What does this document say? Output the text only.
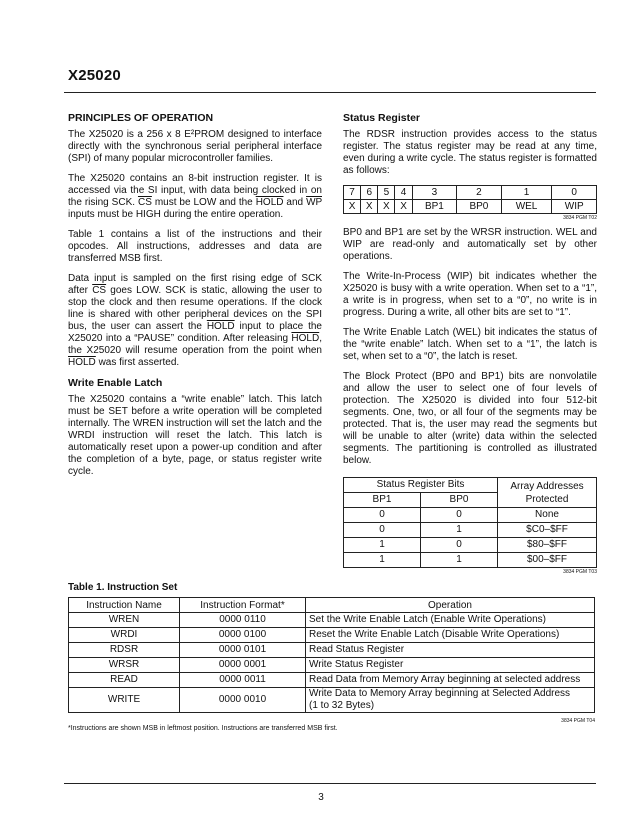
X25020
PRINCIPLES OF OPERATION

The X25020 is a 256 x 8 E²PROM designed to interface directly with the synchronous serial peripheral interface (SPI) of many popular microcontroller families.

The X25020 contains an 8-bit instruction register. It is accessed via the SI input, with data being clocked in on the rising SCK. $\overline{CS}$ must be LOW and the HOLD and $\overline{WP}$ inputs must be HIGH during the entire operation.

Table 1 contains a list of the instructions and their opcodes. All instructions, addresses and data are transferred MSB first.

Data input is sampled on the first rising edge of SCK after $\overline{CS}$ goes LOW. SCK is static, allowing the user to stop the clock and then resume operations. If the clock line is shared with other peripheral devices on the SPI bus, the user can assert the HOLD input to place the X25020 into a “PAUSE” condition. After releasing HOLD, the X25020 will resume operation from the point when HOLD was first asserted.

Write Enable Latch

The X25020 contains a “write enable” latch. This latch must be SET before a write operation will be completed internally. The WREN instruction will set the latch and the WRDI instruction will reset the latch. This latch is automatically reset upon a power-up condition and after the completion of a byte, page, or status register write cycle.

Status Register

The RDSR instruction provides access to the status register. The status register may be read at any time, even during a write cycle. The status register is formatted as follows:

7	6	5	4	3	2	1	0
X	X	X	X	BP1	BP0	WEL	WIP
3834 PGM T02

BP0 and BP1 are set by the WRSR instruction. WEL and WIP are read-only and automatically set by other operations.

The Write-In-Process (WIP) bit indicates whether the X25020 is busy with a write operation. When set to a “1”, a write is in progress, when set to a “0”, no write is in progress. During a write, all other bits are set to “1”.

The Write Enable Latch (WEL) bit indicates the status of the “write enable” latch. When set to a “1”, the latch is set, when set to a “0”, the latch is reset.

The Block Protect (BP0 and BP1) bits are nonvolatile and allow the user to select one of four levels of protection. The X25020 is divided into four 512-bit segments. One, two, or all four of the segments may be protected. That is, the user may read the segments but will be unable to alter (write) data within the selected segments. The partitioning is controlled as illustrated below.

Status Register Bits		Array Addresses Protected
BP1	BP0	
0	0	None
0	1	$C0–$FF
1	0	$80–$FF
1	1	$00–$FF
3834 PGM T03
Table 1. Instruction Set
Instruction Name	Instruction Format*	Operation
WREN	0000 0110	Set the Write Enable Latch (Enable Write Operations)
WRDI	0000 0100	Reset the Write Enable Latch (Disable Write Operations)
RDSR	0000 0101	Read Status Register
WRSR	0000 0001	Write Status Register
READ	0000 0011	Read Data from Memory Array beginning at selected address
WRITE	0000 0010	Write Data to Memory Array beginning at Selected Address
(1 to 32 Bytes)
3834 PGM T04
*Instructions are shown MSB in leftmost position. Instructions are transferred MSB first.
3
